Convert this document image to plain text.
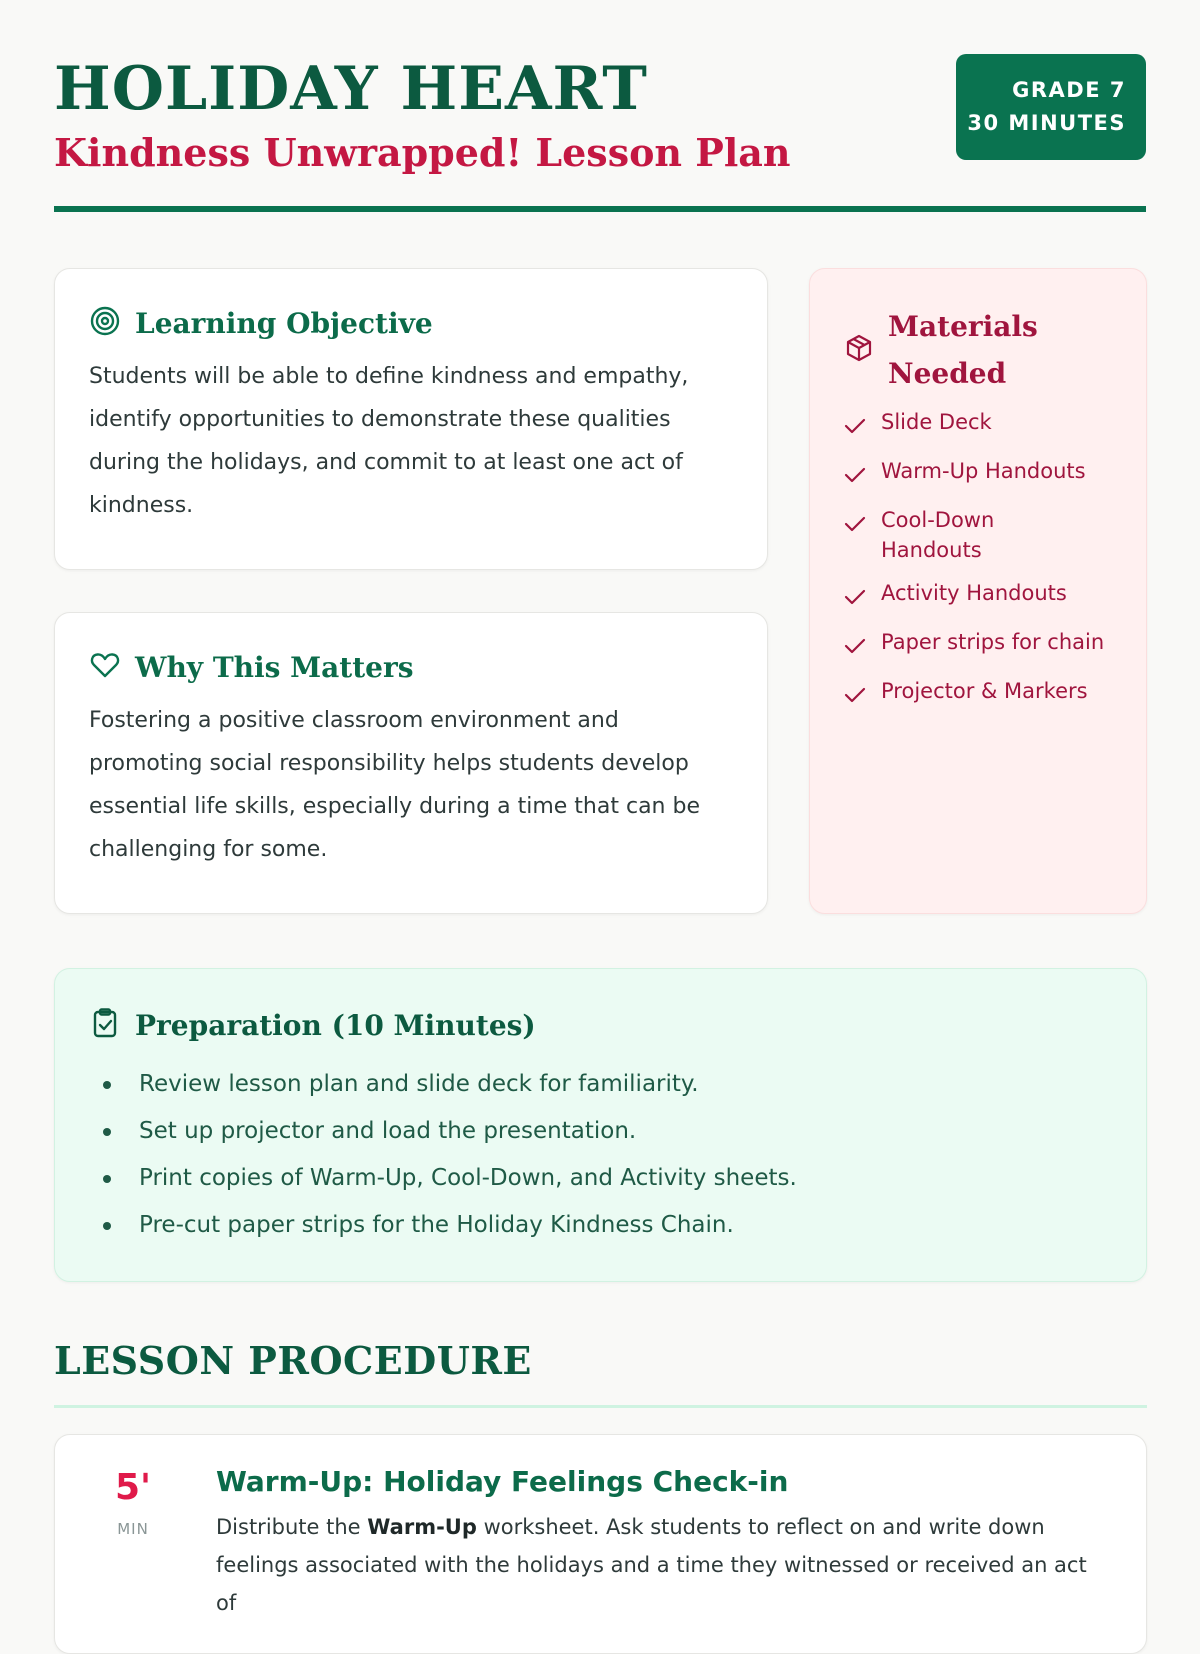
HOLIDAY HEART
Kindness Unwrapped! Lesson Plan
GRADE 7
30 MINUTES
Learning Objective

Students will be able to define kindness and empathy, identify opportunities to demonstrate these qualities during the holidays, and commit to at least one act of kindness.

Why This Matters

Fostering a positive classroom environment and promoting social responsibility helps students develop essential life skills, especially during a time that can be challenging for some.

Materials Needed
Slide Deck
Warm-Up Handouts
Cool-Down Handouts
Activity Handouts
Paper strips for chain
Projector & Markers
Preparation (10 Minutes)
Review lesson plan and slide deck for familiarity.
Set up projector and load the presentation.
Print copies of Warm-Up, Cool-Down, and Activity sheets.
Pre-cut paper strips for the Holiday Kindness Chain.
LESSON PROCEDURE
5'
MIN
Warm-Up: Holiday Feelings Check-in

Distribute the Warm-Up worksheet. Ask students to reflect on and write down feelings associated with the holidays and a time they witnessed or received an act of
